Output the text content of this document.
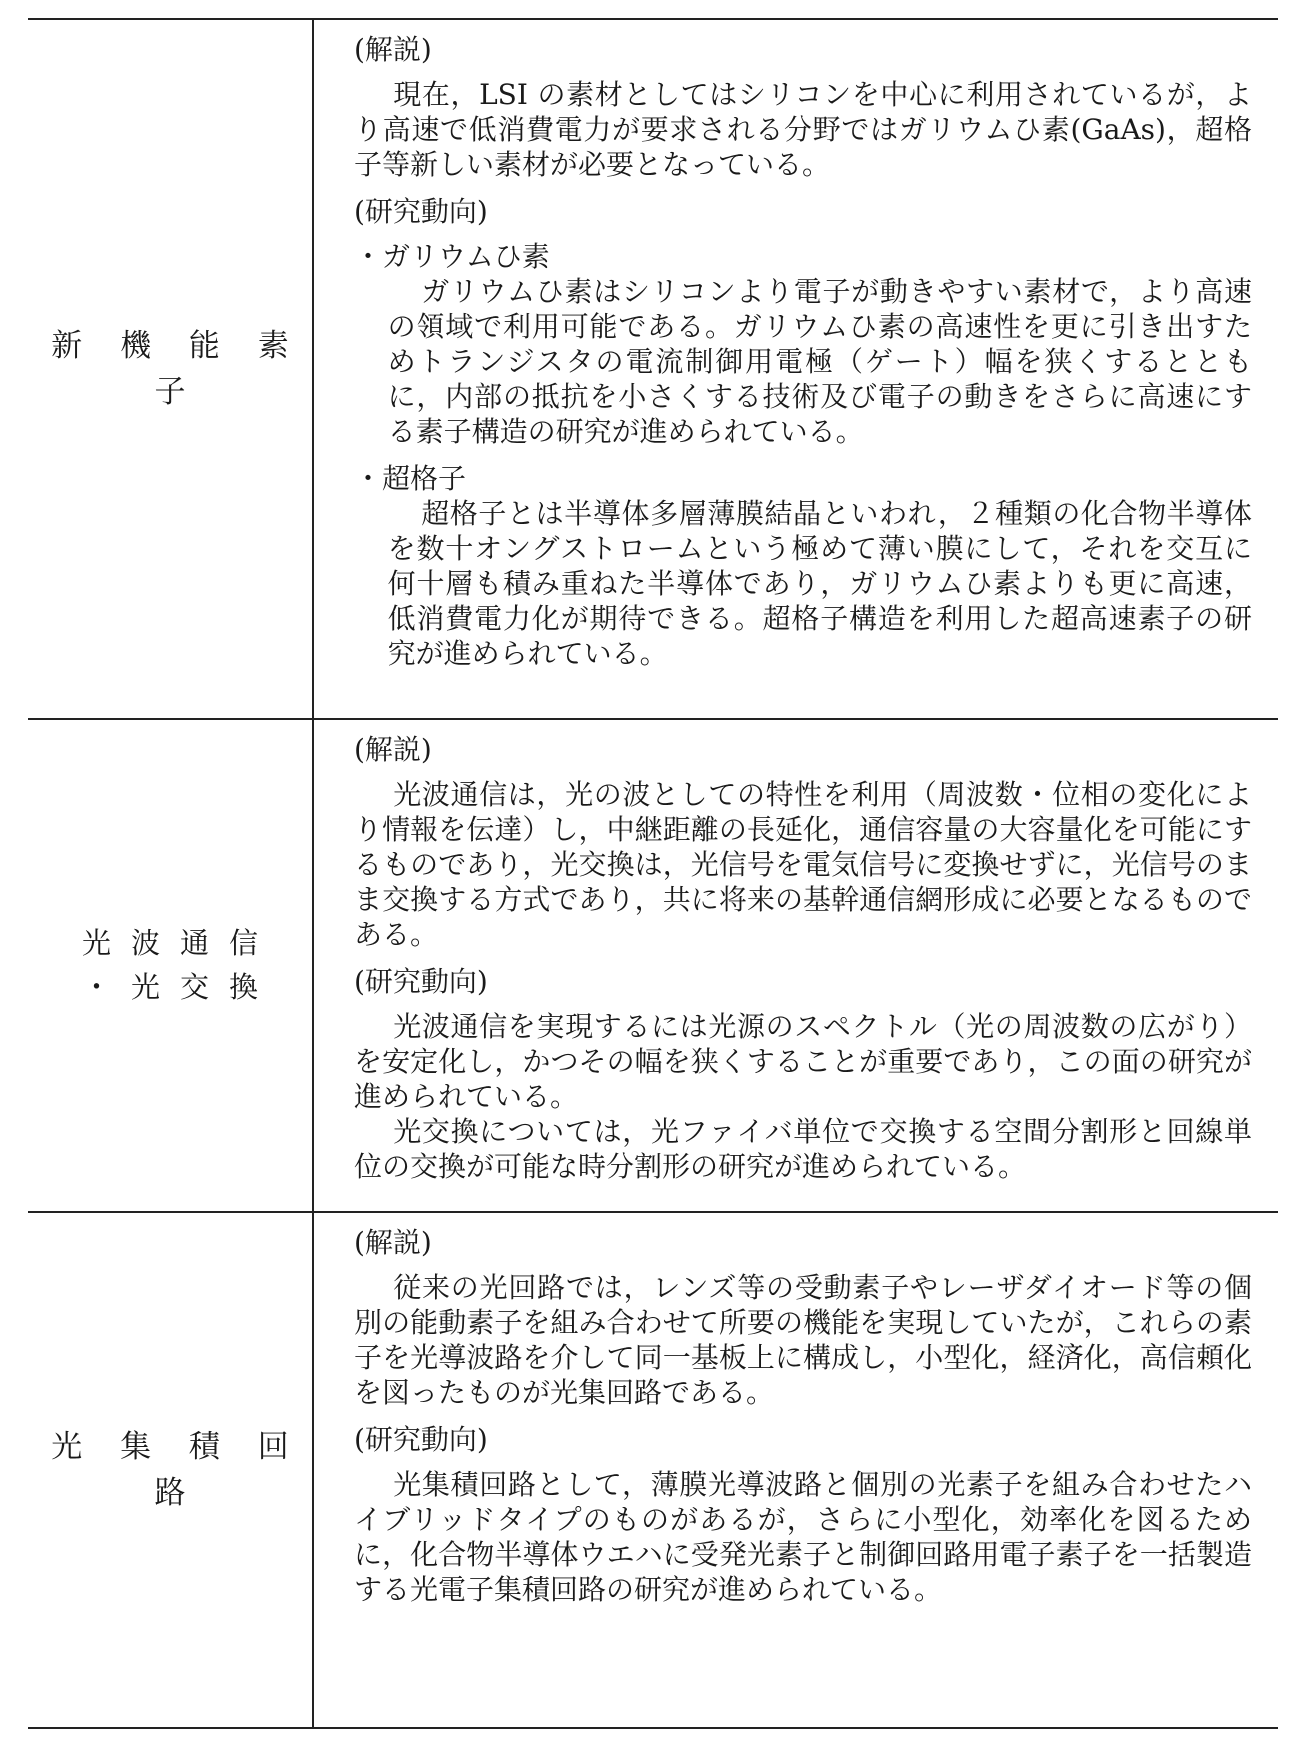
新 機 能 素 子
(解説)

現在，LSI の素材としてはシリコンを中心に利用されているが，より高速で低消費電力が要求される分野ではガリウムひ素(GaAs)，超格子等新しい素材が必要となっている。

(研究動向)
・ガリウムひ素

ガリウムひ素はシリコンより電子が動きやすい素材で，より高速の領域で利用可能である。ガリウムひ素の高速性を更に引き出すためトランジスタの電流制御用電極（ゲート）幅を狭くするとともに，内部の抵抗を小さくする技術及び電子の動きをさらに高速にする素子構造の研究が進められている。

・超格子

超格子とは半導体多層薄膜結晶といわれ，２種類の化合物半導体を数十オングストロームという極めて薄い膜にして，それを交互に何十層も積み重ねた半導体であり，ガリウムひ素よりも更に高速，低消費電力化が期待できる。超格子構造を利用した超高速素子の研究が進められている。

光波通信
・光交換
(解説)

光波通信は，光の波としての特性を利用（周波数・位相の変化により情報を伝達）し，中継距離の長延化，通信容量の大容量化を可能にするものであり，光交換は，光信号を電気信号に変換せずに，光信号のまま交換する方式であり，共に将来の基幹通信網形成に必要となるものである。

(研究動向)

光波通信を実現するには光源のスペクトル（光の周波数の広がり）を安定化し，かつその幅を狭くすることが重要であり，この面の研究が進められている。

光交換については，光ファイバ単位で交換する空間分割形と回線単位の交換が可能な時分割形の研究が進められている。

光 集 積 回 路
(解説)

従来の光回路では，レンズ等の受動素子やレーザダイオード等の個別の能動素子を組み合わせて所要の機能を実現していたが，これらの素子を光導波路を介して同一基板上に構成し，小型化，経済化，高信頼化を図ったものが光集回路である。

(研究動向)

光集積回路として，薄膜光導波路と個別の光素子を組み合わせたハイブリッドタイプのものがあるが，さらに小型化，効率化を図るために，化合物半導体ウエハに受発光素子と制御回路用電子素子を一括製造する光電子集積回路の研究が進められている。
